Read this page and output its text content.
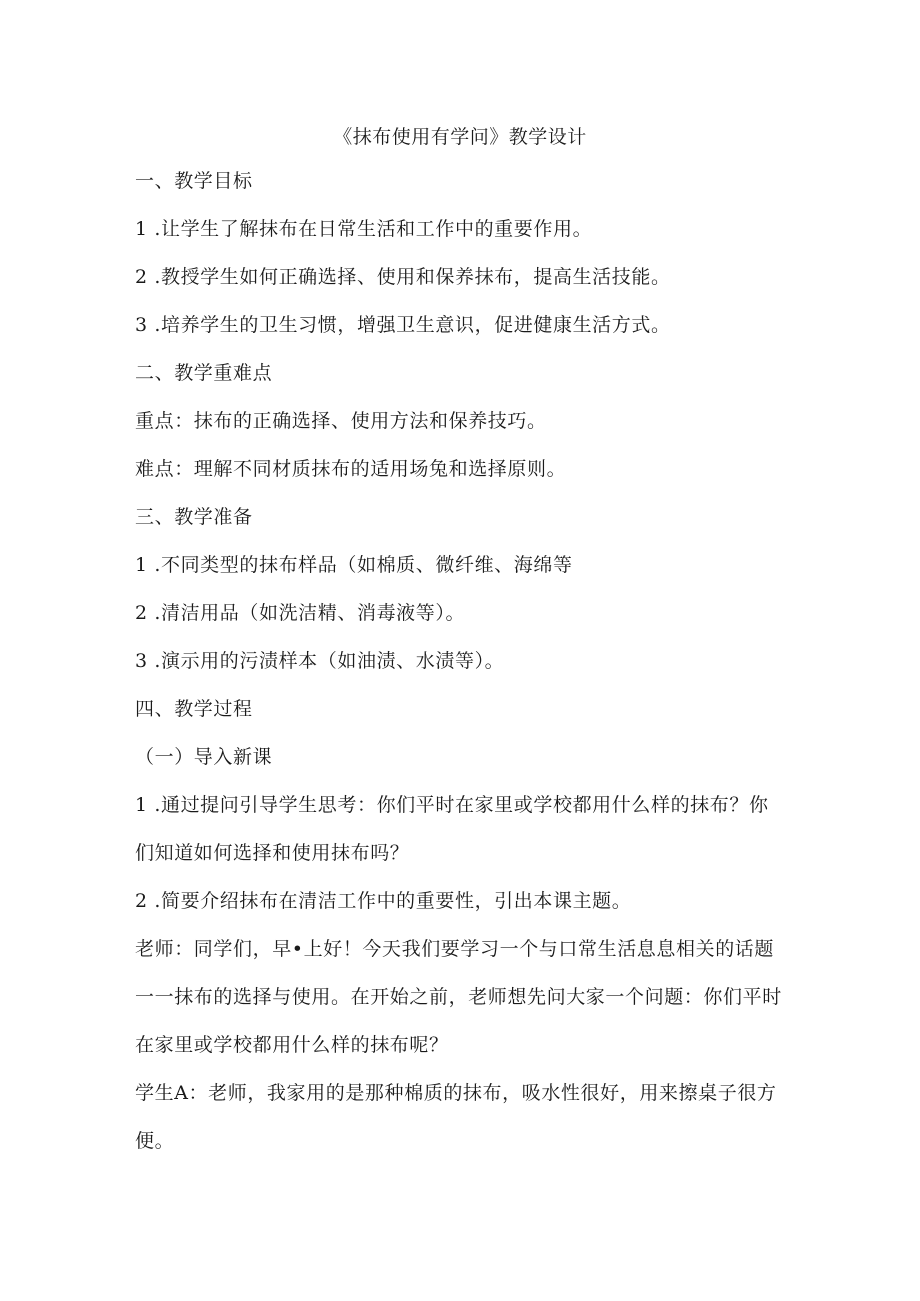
《抹布使用有学问》教学设计
一、教学目标
1 .让学生了解抹布在日常生活和工作中的重要作用。
2 .教授学生如何正确选择、使用和保养抹布，提高生活技能。
3 .培养学生的卫生习惯，增强卫生意识，促进健康生活方式。
二、教学重难点
重点：抹布的正确选择、使用方法和保养技巧。
难点：理解不同材质抹布的适用场兔和选择原则。
三、教学准备
1 .不同类型的抹布样品（如棉质、微纤维、海绵等
2 .清洁用品（如洗洁精、消毒液等）。
3 .演示用的污渍样本（如油渍、水渍等）。
四、教学过程
（一）导入新课
1 .通过提问引导学生思考：你们平时在家里或学校都用什么样的抹布？你
们知道如何选择和使用抹布吗？
2 .简要介绍抹布在清洁工作中的重要性，引出本课主题。
老师：同学们，早•上好！今天我们要学习一个与口常生活息息相关的话题
一一抹布的选择与使用。在开始之前，老师想先问大家一个问题：你们平时
在家里或学校都用什么样的抹布呢？
学生A：老师，我家用的是那种棉质的抹布，吸水性很好，用来擦桌子很方
便。
